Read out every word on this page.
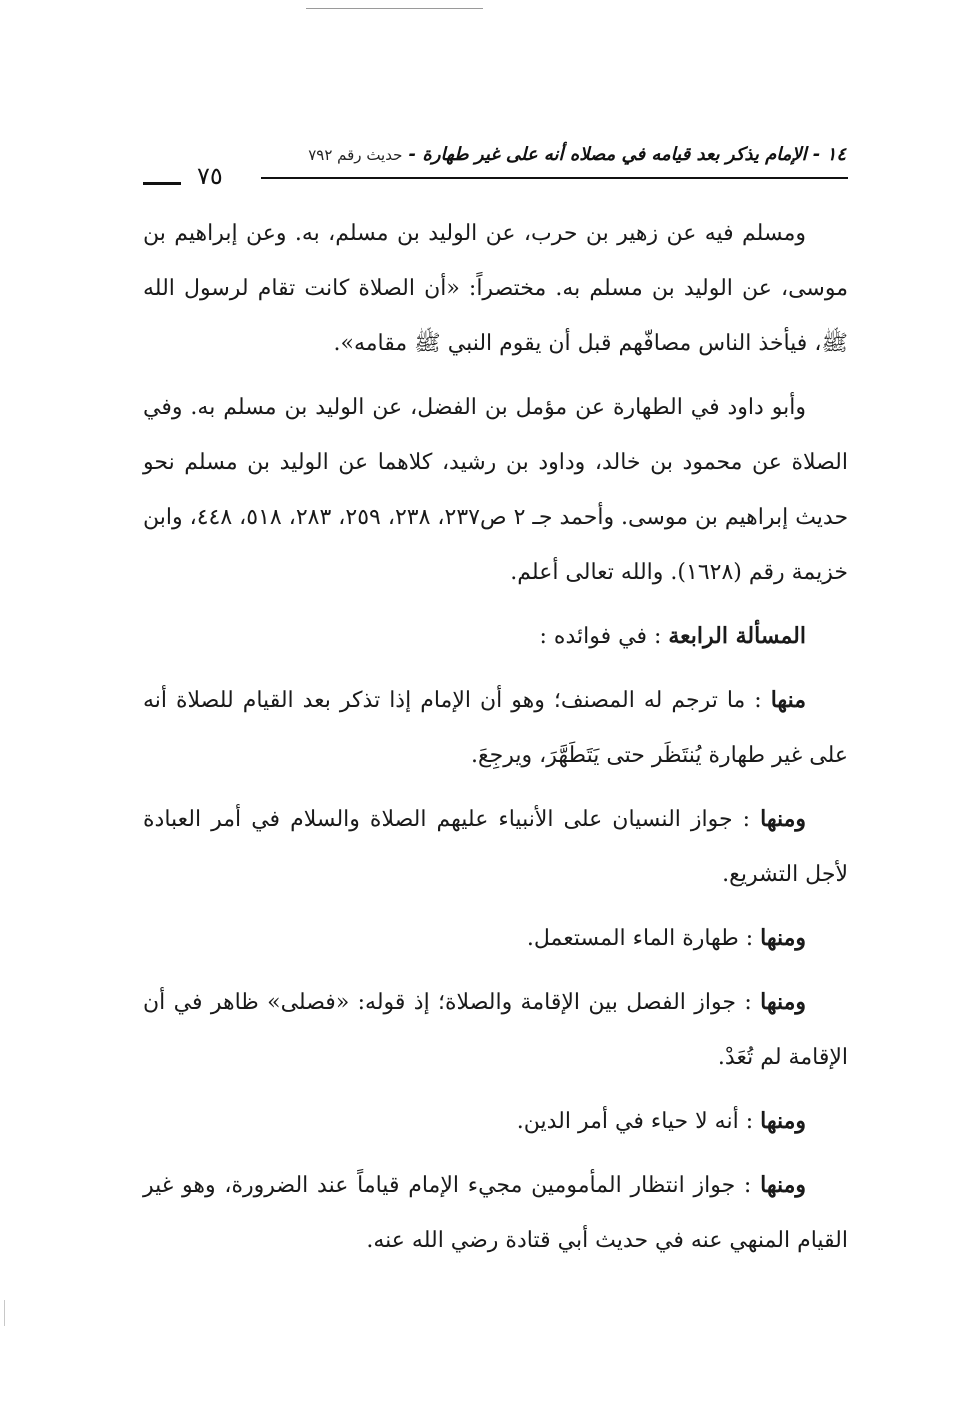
١٤ - الإمام يذكر بعد قيامه في مصلاه أنه على غير طهارة - حديث رقم ٧٩٢
٧٥

ومسلم فيه عن زهير بن حرب، عن الوليد بن مسلم، به. وعن إبراهيم بن موسى، عن الوليد بن مسلم به. مختصراً: «أن الصلاة كانت تقام لرسول الله ﷺ، فيأخذ الناس مصافّهم قبل أن يقوم النبي ﷺ مقامه».

وأبو داود في الطهارة عن مؤمل بن الفضل، عن الوليد بن مسلم به. وفي الصلاة عن محمود بن خالد، وداود بن رشيد، كلاهما عن الوليد بن مسلم نحو حديث إبراهيم بن موسى. وأحمد جـ ٢ ص٢٣٧، ٢٣٨، ٢٥٩، ٢٨٣، ٥١٨، ٤٤٨، وابن خزيمة رقم (١٦٢٨). والله تعالى أعلم.

المسألة الرابعة : في فوائده :

منها : ما ترجم له المصنف؛ وهو أن الإمام إذا تذكر بعد القيام للصلاة أنه على غير طهارة يُنتَظَر حتى يَتَطَهَّرَ، ويرجِعَ.

ومنها : جواز النسيان على الأنبياء عليهم الصلاة والسلام في أمر العبادة لأجل التشريع.

ومنها : طهارة الماء المستعمل.

ومنها : جواز الفصل بين الإقامة والصلاة؛ إذ قوله: «فصلى» ظاهر في أن الإقامة لم تُعَدْ.

ومنها : أنه لا حياء في أمر الدين.

ومنها : جواز انتظار المأمومين مجيء الإمام قياماً عند الضرورة، وهو غير القيام المنهي عنه في حديث أبي قتادة رضي الله عنه.
